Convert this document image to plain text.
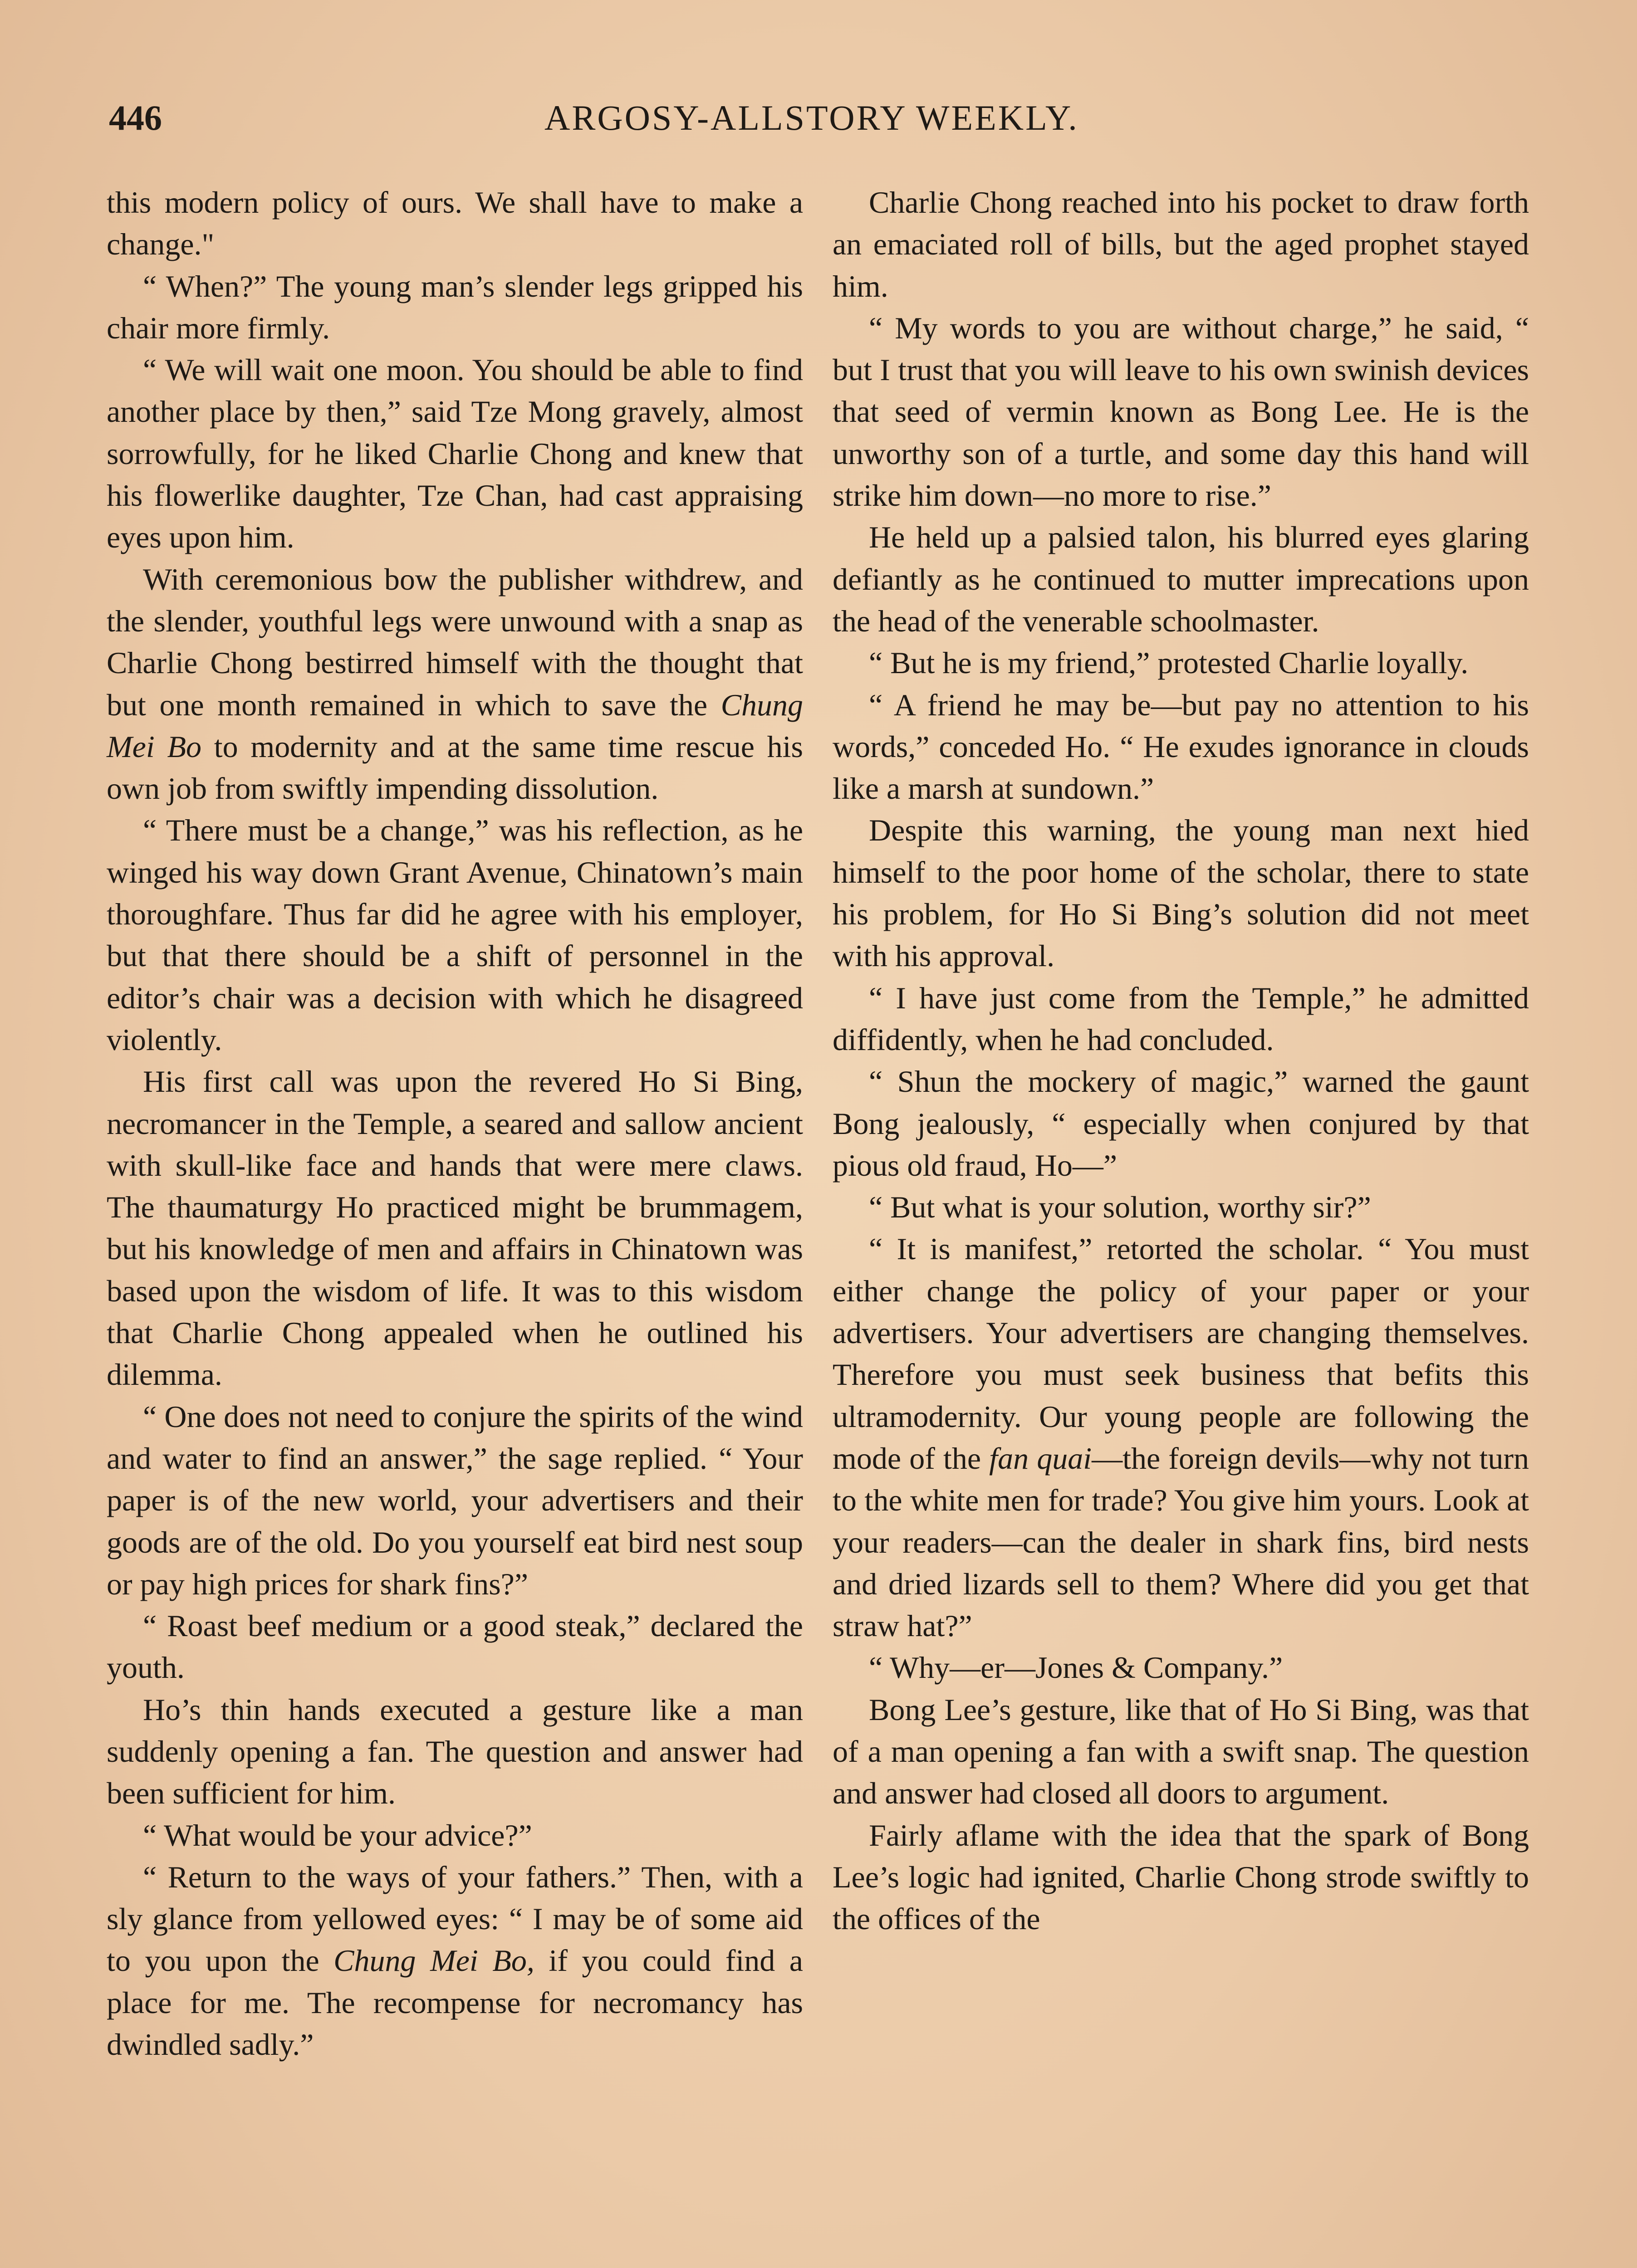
446	ARGOSY-ALLSTORY WEEKLY.

this modern policy of ours. We shall have to make a change."

“ When?” The young man’s slender legs gripped his chair more firmly.

“ We will wait one moon. You should be able to find another place by then,” said Tze Mong gravely, almost sorrowfully, for he liked Charlie Chong and knew that his flowerlike daughter, Tze Chan, had cast appraising eyes upon him.

With ceremonious bow the publisher withdrew, and the slender, youthful legs were unwound with a snap as Charlie Chong bestirred himself with the thought that but one month remained in which to save the Chung Mei Bo to modernity and at the same time rescue his own job from swiftly impending dissolution.

“ There must be a change,” was his reflection, as he winged his way down Grant Avenue, Chinatown’s main thoroughfare. Thus far did he agree with his employer, but that there should be a shift of personnel in the editor’s chair was a decision with which he disagreed violently.

His first call was upon the revered Ho Si Bing, necromancer in the Temple, a seared and sallow ancient with skull-like face and hands that were mere claws. The thaumaturgy Ho practiced might be brummagem, but his knowledge of men and affairs in Chinatown was based upon the wisdom of life. It was to this wisdom that Charlie Chong appealed when he outlined his dilemma.

“ One does not need to conjure the spirits of the wind and water to find an answer,” the sage replied. “ Your paper is of the new world, your advertisers and their goods are of the old. Do you yourself eat bird nest soup or pay high prices for shark fins?”

“ Roast beef medium or a good steak,” declared the youth.

Ho’s thin hands executed a gesture like a man suddenly opening a fan. The question and answer had been sufficient for him.

“ What would be your advice?”

“ Return to the ways of your fathers.” Then, with a sly glance from yellowed eyes: “ I may be of some aid to you upon the Chung Mei Bo, if you could find a place for me. The recompense for necromancy has dwindled sadly.”

Charlie Chong reached into his pocket to draw forth an emaciated roll of bills, but the aged prophet stayed him.

“ My words to you are without charge,” he said, “ but I trust that you will leave to his own swinish devices that seed of vermin known as Bong Lee. He is the unworthy son of a turtle, and some day this hand will strike him down—no more to rise.”

He held up a palsied talon, his blurred eyes glaring defiantly as he continued to mutter imprecations upon the head of the venerable schoolmaster.

“ But he is my friend,” protested Charlie loyally.

“ A friend he may be—but pay no attention to his words,” conceded Ho. “ He exudes ignorance in clouds like a marsh at sundown.”

Despite this warning, the young man next hied himself to the poor home of the scholar, there to state his problem, for Ho Si Bing’s solution did not meet with his approval.

“ I have just come from the Temple,” he admitted diffidently, when he had concluded.

“ Shun the mockery of magic,” warned the gaunt Bong jealously, “ especially when conjured by that pious old fraud, Ho—”

“ But what is your solution, worthy sir?”

“ It is manifest,” retorted the scholar. “ You must either change the policy of your paper or your advertisers. Your advertisers are changing themselves. Therefore you must seek business that befits this ultramodernity. Our young people are following the mode of the fan quai—the foreign devils—why not turn to the white men for trade? You give him yours. Look at your readers—can the dealer in shark fins, bird nests and dried lizards sell to them? Where did you get that straw hat?”

“ Why—er—Jones & Company.”

Bong Lee’s gesture, like that of Ho Si Bing, was that of a man opening a fan with a swift snap. The question and answer had closed all doors to argument.

Fairly aflame with the idea that the spark of Bong Lee’s logic had ignited, Charlie Chong strode swiftly to the offices of the
